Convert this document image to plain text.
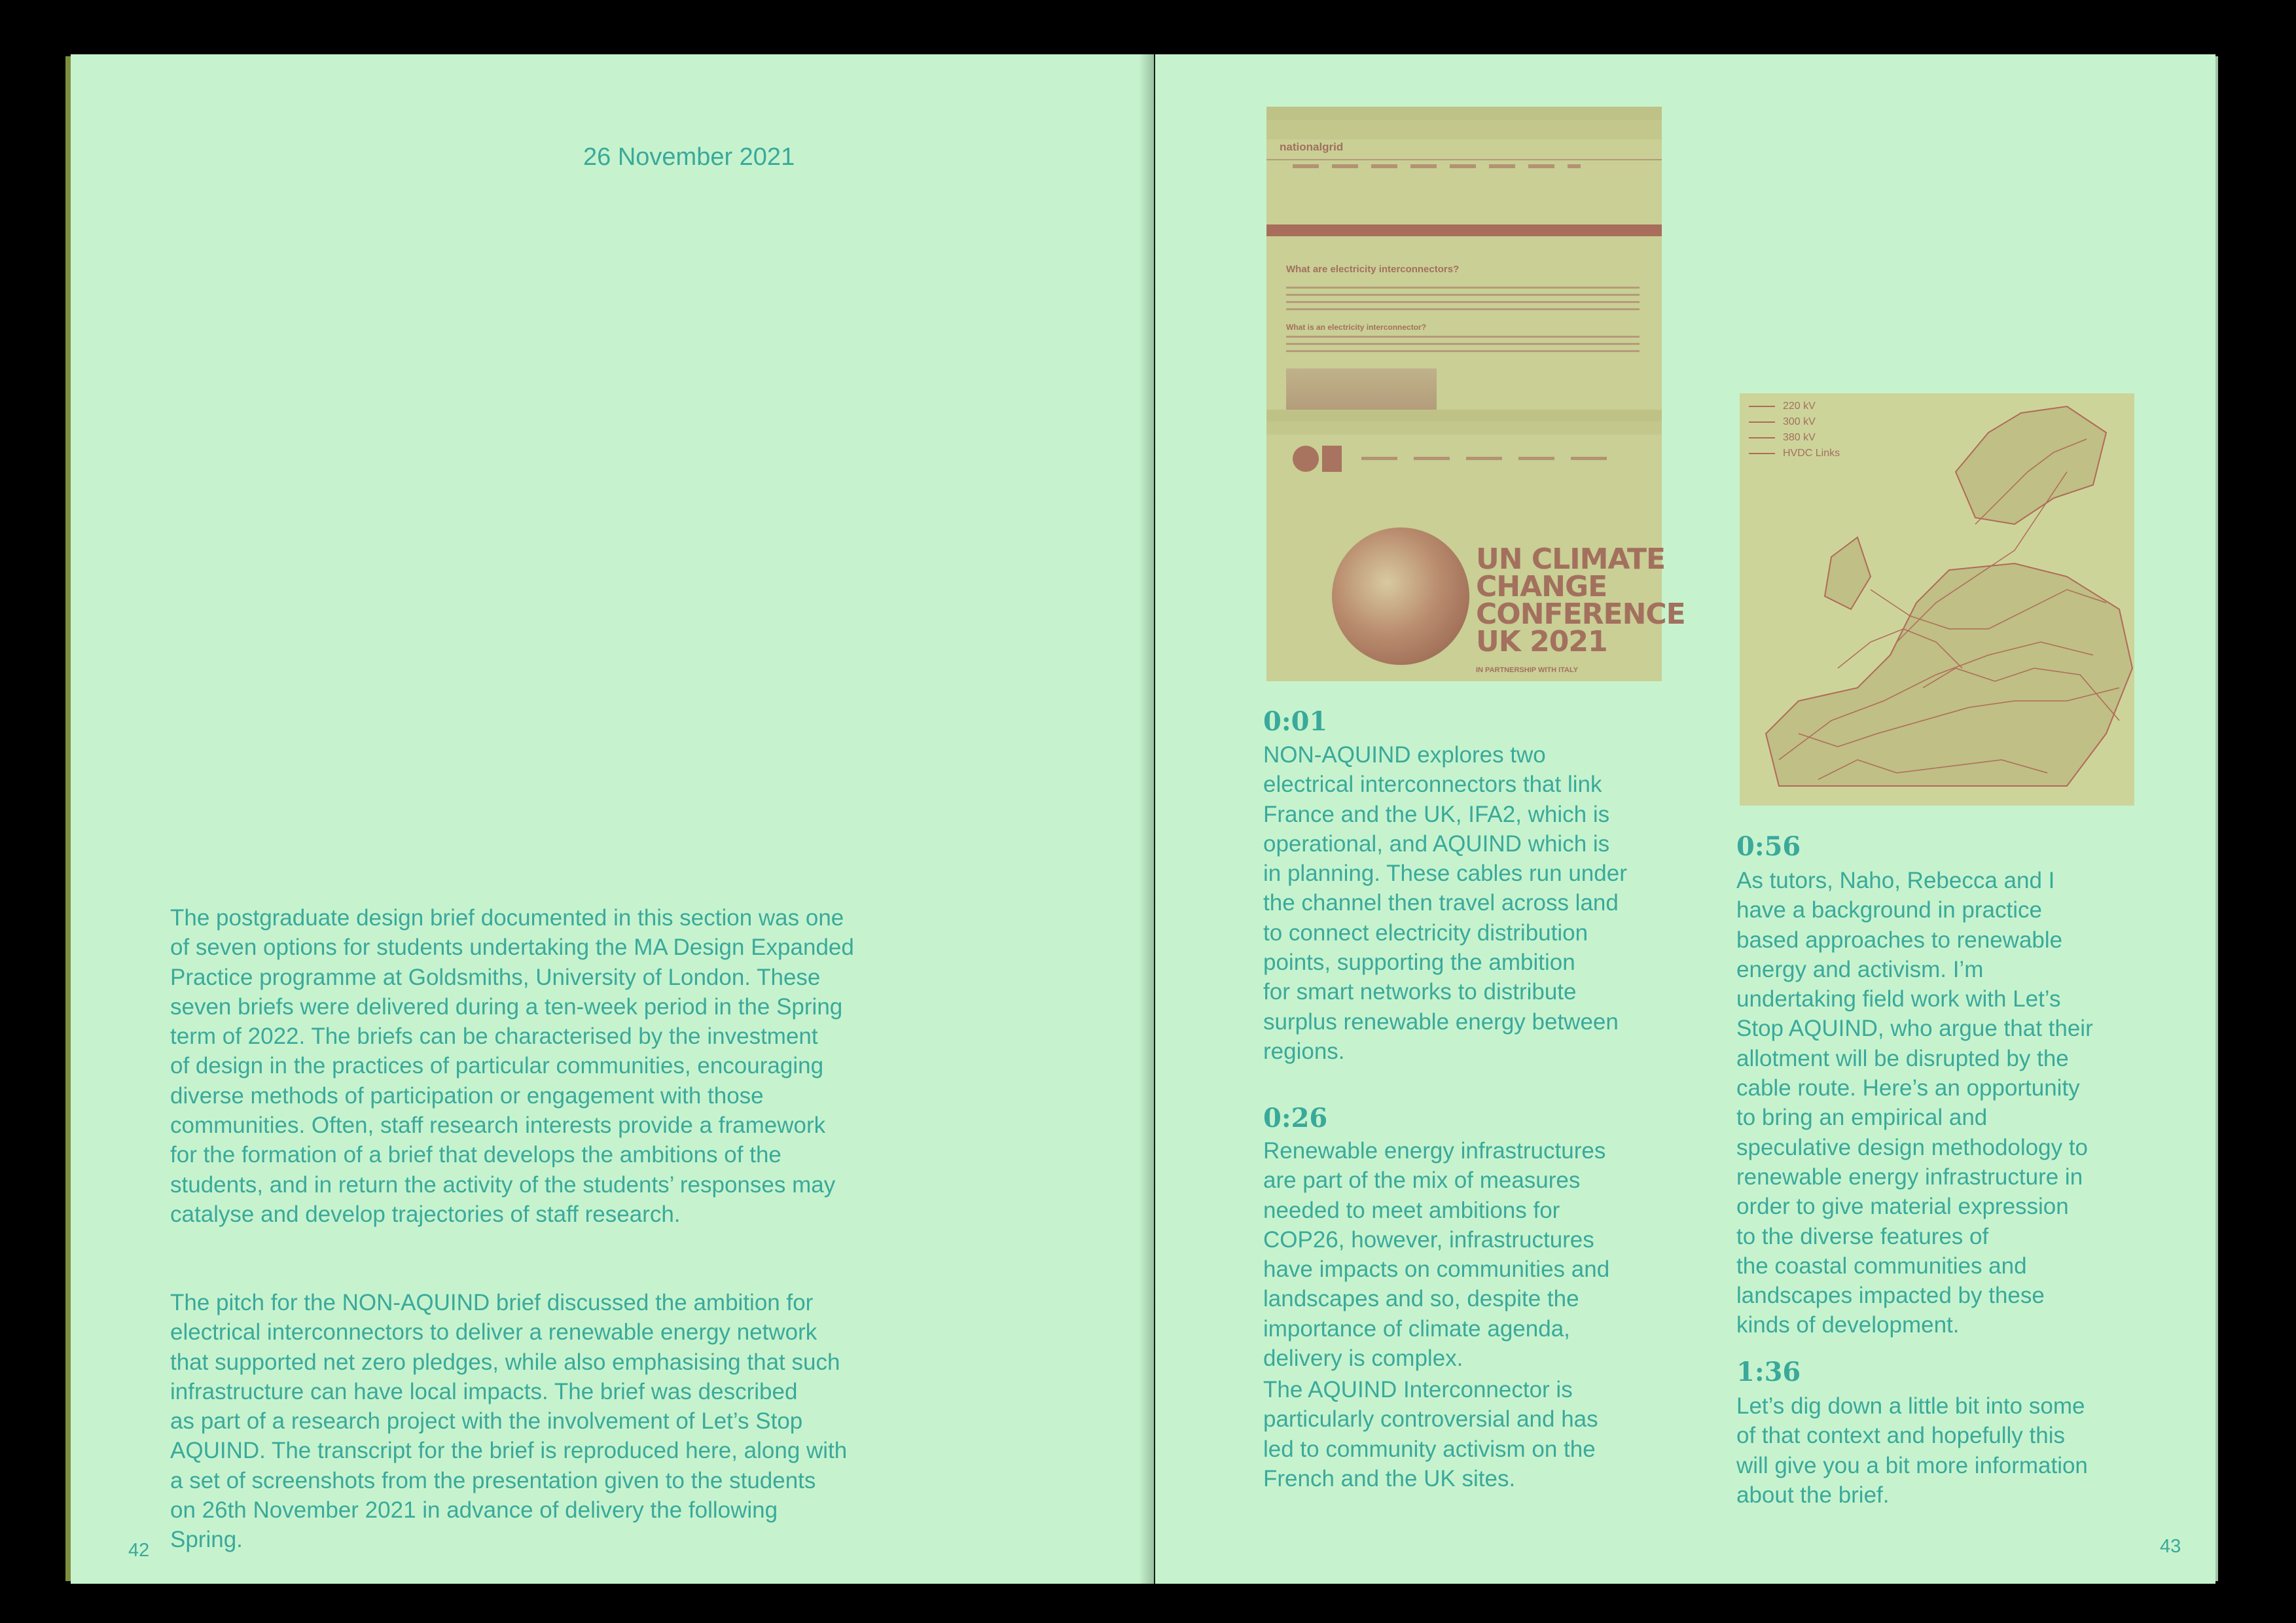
26 November 2021
The postgraduate design brief documented in this section was one
of seven options for students undertaking the MA Design Expanded
Practice programme at Goldsmiths, University of London. These
seven briefs were delivered during a ten-week period in the Spring
term of 2022. The briefs can be characterised by the investment
of design in the practices of particular communities, encouraging
diverse methods of participation or engagement with those
communities. Often, staff research interests provide a framework
for the formation of a brief that develops the ambitions of the
students, and in return the activity of the students’ responses may
catalyse and develop trajectories of staff research.
The pitch for the NON-AQUIND brief discussed the ambition for
electrical interconnectors to deliver a renewable energy network
that supported net zero pledges, while also emphasising that such
infrastructure can have local impacts. The brief was described
as part of a research project with the involvement of Let’s Stop
AQUIND. The transcript for the brief is reproduced here, along with
a set of screenshots from the presentation given to the students
on 26th November 2021 in advance of delivery the following
Spring.
42
nationalgrid
What are electricity interconnectors?
What is an electricity interconnector?
UN CLIMATE
CHANGE
CONFERENCE
UK 2021
IN PARTNERSHIP WITH ITALY
220 kV
300 kV
380 kV
HVDC Links
0:01
NON-AQUIND explores two
electrical interconnectors that link
France and the UK, IFA2, which is
operational, and AQUIND which is
in planning. These cables run under
the channel then travel across land
to connect electricity distribution
points, supporting the ambition
for smart networks to distribute
surplus renewable energy between
regions.
0:26
Renewable energy infrastructures
are part of the mix of measures
needed to meet ambitions for
COP26, however, infrastructures
have impacts on communities and
landscapes and so, despite the
importance of climate agenda,
delivery is complex.
The AQUIND Interconnector is
particularly controversial and has
led to community activism on the
French and the UK sites.
0:56
As tutors, Naho, Rebecca and I
have a background in practice
based approaches to renewable
energy and activism. I’m
undertaking field work with Let’s
Stop AQUIND, who argue that their
allotment will be disrupted by the
cable route. Here’s an opportunity
to bring an empirical and
speculative design methodology to
renewable energy infrastructure in
order to give material expression
to the diverse features of
the coastal communities and
landscapes impacted by these
kinds of development.
1:36
Let’s dig down a little bit into some
of that context and hopefully this
will give you a bit more information
about the brief.
43
